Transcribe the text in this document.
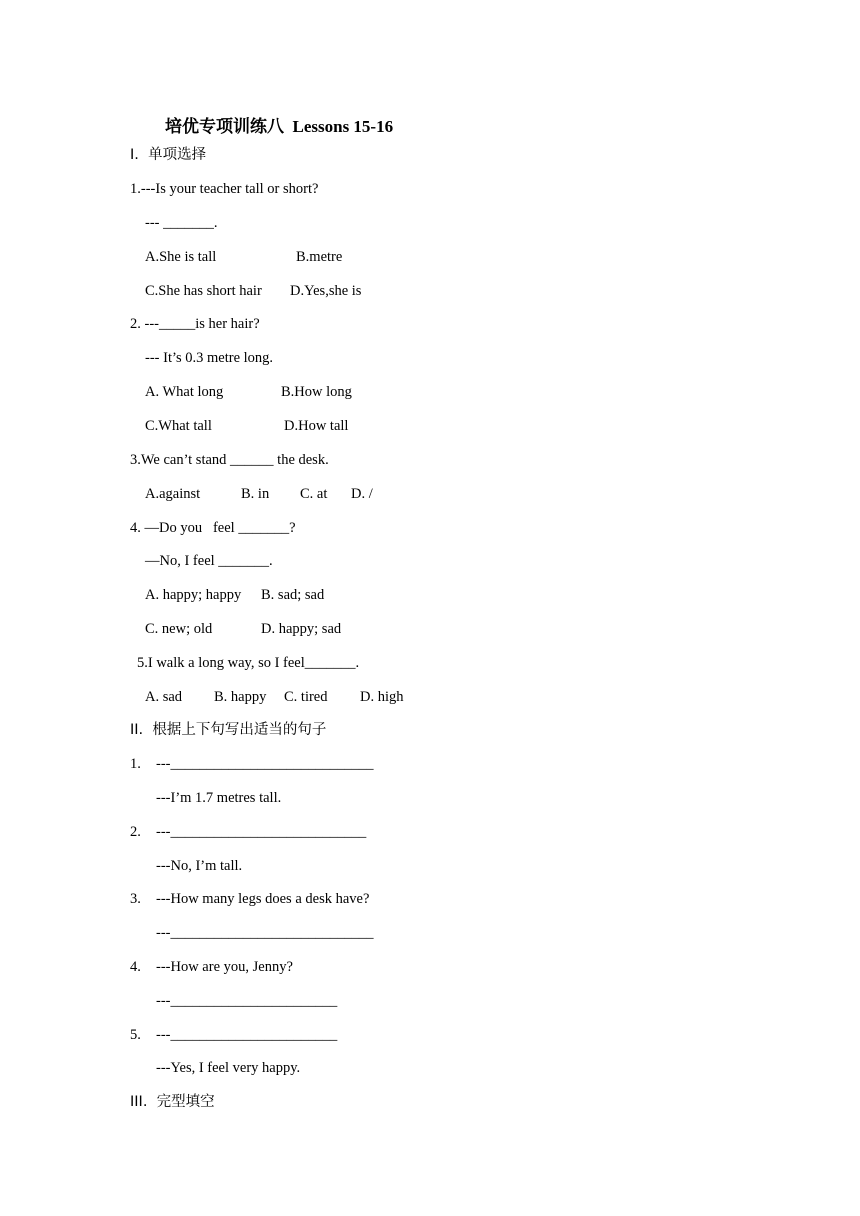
培优专项训练八 Lessons 15-16
I.  单项选择
1.---Is your teacher tall or short?
--- _______.

A.She is tall

	B.metre

C.She has short hair

D.Yes,she is

2. ---_____is her hair?
--- It’s 0.3 metre long.

A. What long

	B.How long

C.What tall

	D.How tall

3.We can’t stand ______ the desk.

A.against

	B. in

C. at

D. /

4. —Do you   feel _______?
—No, I feel _______.

A. happy; happy

B. sad; sad

C. new; old

	D. happy; sad

5.I walk a long way, so I feel_______.

A. sad

B. happy

C. tired

D. high

II.  根据上下句写出适当的句子
1. ---____________________________
---I’m 1.7 metres tall.
2. ---___________________________
---No, I’m tall.
3. ---How many legs does a desk have?
---____________________________
4. ---How are you, Jenny?
---_______________________
5. ---_______________________
---Yes, I feel very happy.
III.  完型填空
